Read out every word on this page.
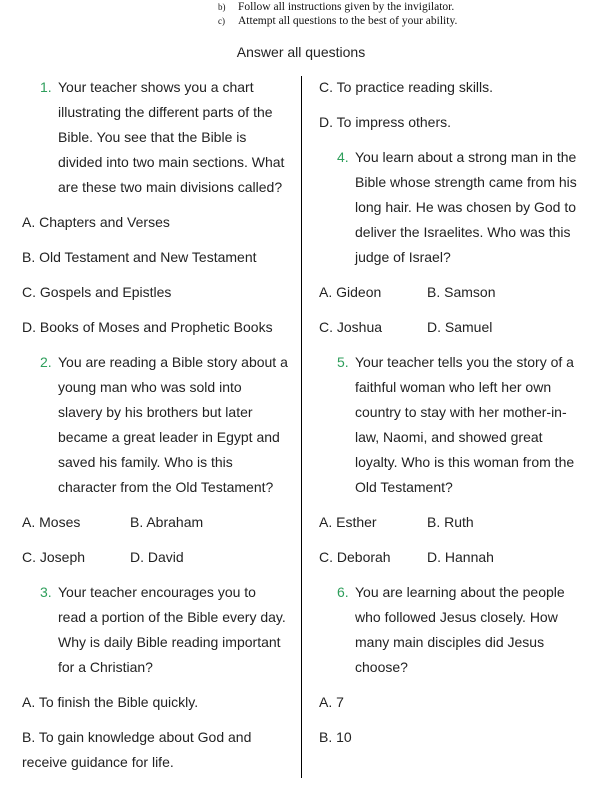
b) Follow all instructions given by the invigilator.
c) Attempt all questions to the best of your ability.
Answer all questions
1. Your teacher shows you a chart illustrating the different parts of the Bible. You see that the Bible is divided into two main sections. What are these two main divisions called?
A. Chapters and Verses
B. Old Testament and New Testament
C. Gospels and Epistles
D. Books of Moses and Prophetic Books
2. You are reading a Bible story about a young man who was sold into slavery by his brothers but later became a great leader in Egypt and saved his family. Who is this character from the Old Testament?
A. Moses	B. Abraham
C. Joseph	D. David
3. Your teacher encourages you to read a portion of the Bible every day. Why is daily Bible reading important for a Christian?
A. To finish the Bible quickly.
B. To gain knowledge about God and receive guidance for life.
C. To practice reading skills.
D. To impress others.
4. You learn about a strong man in the Bible whose strength came from his long hair. He was chosen by God to deliver the Israelites. Who was this judge of Israel?
A. Gideon	B. Samson
C. Joshua	D. Samuel
5. Your teacher tells you the story of a faithful woman who left her own country to stay with her mother-in-law, Naomi, and showed great loyalty. Who is this woman from the Old Testament?
A. Esther	B. Ruth
C. Deborah	D. Hannah
6. You are learning about the people who followed Jesus closely. How many main disciples did Jesus choose?
A. 7
B. 10
